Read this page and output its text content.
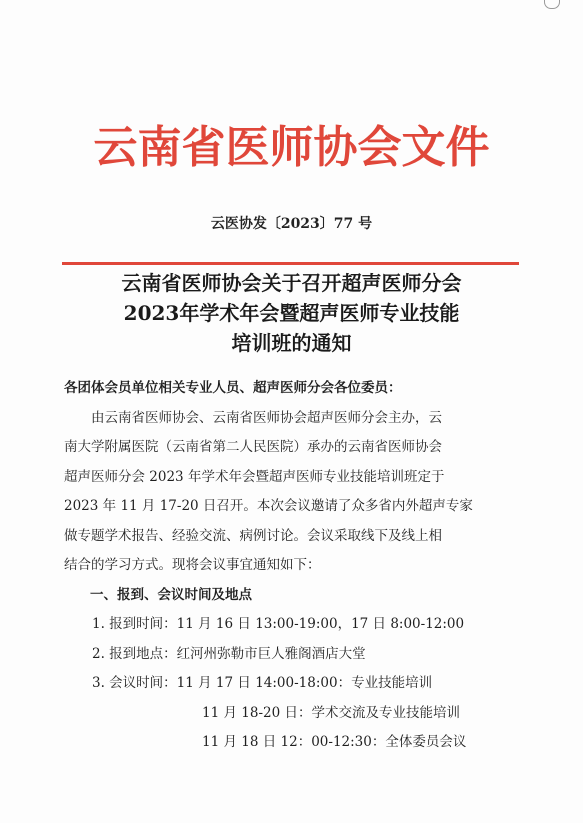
云南省医师协会文件
云医协发〔2023〕77 号
云南省医师协会关于召开超声医师分会
2023年学术年会暨超声医师专业技能
培训班的通知
各团体会员单位相关专业人员、超声医师分会各位委员：
由云南省医师协会、云南省医师协会超声医师分会主办，云
南大学附属医院（云南省第二人民医院）承办的云南省医师协会
超声医师分会 2023 年学术年会暨超声医师专业技能培训班定于
2023 年 11 月 17-20 日召开。本次会议邀请了众多省内外超声专家
做专题学术报告、经验交流、病例讨论。会议采取线下及线上相
结合的学习方式。现将会议事宜通知如下：
一、报到、会议时间及地点
1. 报到时间：11 月 16 日 13:00-19:00，17 日 8:00-12:00
2. 报到地点：红河州弥勒市巨人雅阁酒店大堂
3. 会议时间：11 月 17 日 14:00-18:00：专业技能培训
11 月 18-20 日：学术交流及专业技能培训
11 月 18 日 12：00-12:30：全体委员会议
